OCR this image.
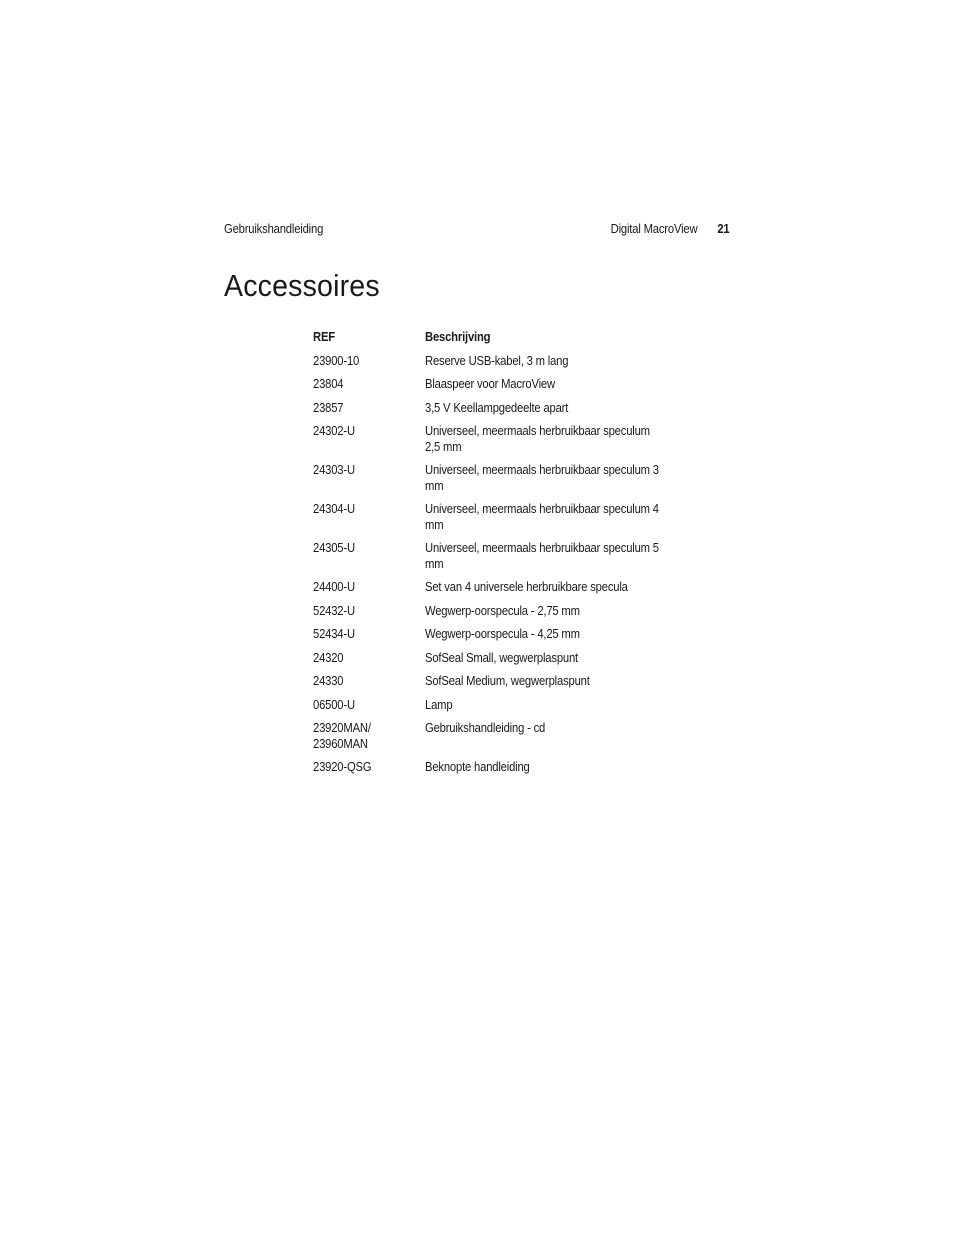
Gebruikshandleiding	Digital MacroView 21
Accessoires
REF	Beschrijving
23900-10	Reserve USB-kabel, 3 m lang
23804	Blaaspeer voor MacroView
23857	3,5 V Keellampgedeelte apart
24302-U	Universeel, meermaals herbruikbaar speculum
2,5 mm
24303-U	Universeel, meermaals herbruikbaar speculum 3 mm
24304-U	Universeel, meermaals herbruikbaar speculum 4 mm
24305-U	Universeel, meermaals herbruikbaar speculum 5 mm
24400-U	Set van 4 universele herbruikbare specula
52432-U	Wegwerp-oorspecula - 2,75 mm
52434-U	Wegwerp-oorspecula - 4,25 mm
24320	SofSeal Small, wegwerplaspunt
24330	SofSeal Medium, wegwerplaspunt
06500-U	Lamp
23920MAN/
23960MAN	Gebruikshandleiding - cd
23920-QSG	Beknopte handleiding
